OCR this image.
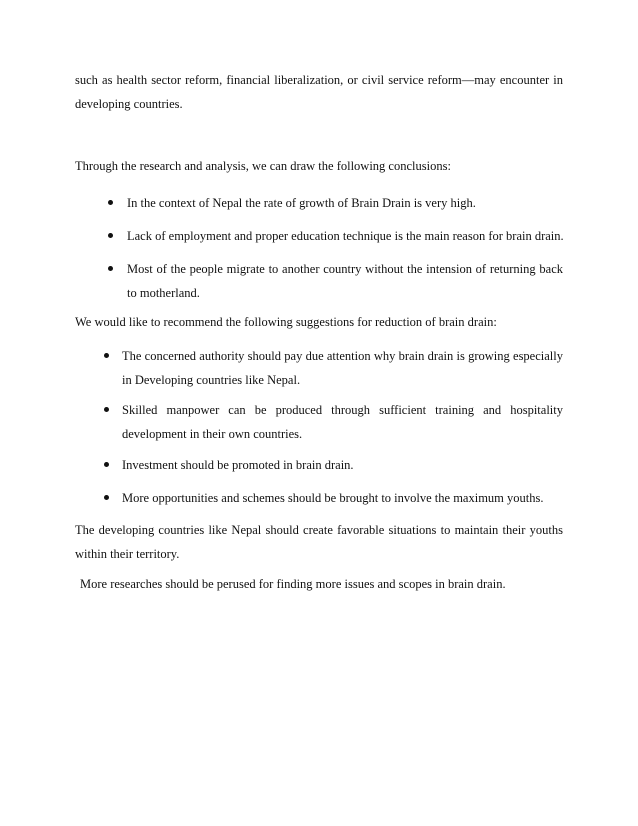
such as health sector reform, financial liberalization, or civil service reform—may encounter in
developing countries.
Through the research and analysis, we can draw the following conclusions:
In the context of Nepal the rate of growth of Brain Drain is very high.
Lack of employment and proper education technique is the main reason for brain drain.
Most of the people migrate to another country without the intension of returning back
to motherland.
We would like to recommend the following suggestions for reduction of brain drain:
The concerned authority should pay due attention why brain drain is growing especially
in Developing countries like Nepal.
Skilled manpower can be produced through sufficient training and hospitality
development in their own countries.
Investment should be promoted in brain drain.
More opportunities and schemes should be brought to involve the maximum youths.
The developing countries like Nepal should create favorable situations to maintain their youths
within their territory.
More researches should be perused for finding more issues and scopes in brain drain.
